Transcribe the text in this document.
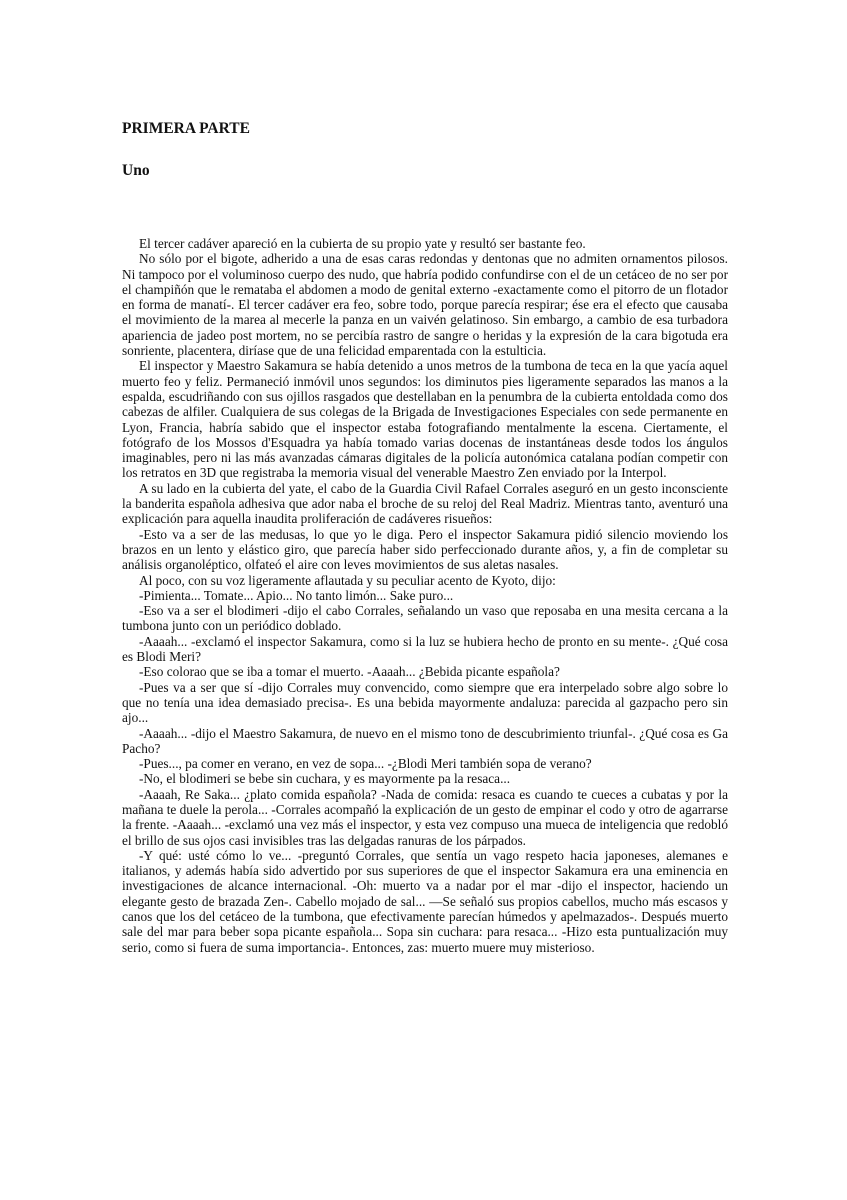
PRIMERA PARTE
Uno

El tercer cadáver apareció en la cubierta de su propio yate y resultó ser bastante feo.

No sólo por el bigote, adherido a una de esas caras redondas y dentonas que no admiten ornamentos pilosos. Ni tampoco por el voluminoso cuerpo des nudo, que habría podido confundirse con el de un cetáceo de no ser por el champiñón que le remataba el abdomen a modo de genital externo -exactamente como el pitorro de un flotador en forma de manatí-. El tercer cadáver era feo, sobre todo, porque parecía respirar; ése era el efecto que causaba el movimiento de la marea al mecerle la panza en un vaivén gelatinoso. Sin embargo, a cambio de esa turbadora apariencia de jadeo post mortem, no se percibía rastro de sangre o heridas y la expresión de la cara bigotuda era sonriente, placentera, diríase que de una felicidad emparentada con la estulticia.

El inspector y Maestro Sakamura se había detenido a unos metros de la tumbona de teca en la que yacía aquel muerto feo y feliz. Permaneció inmóvil unos segundos: los diminutos pies ligeramente separados las manos a la espalda, escudriñando con sus ojillos rasgados que destellaban en la penumbra de la cubierta entoldada como dos cabezas de alfiler. Cualquiera de sus colegas de la Brigada de Investigaciones Especiales con sede permanente en Lyon, Francia, habría sabido que el inspector estaba fotografiando mentalmente la escena. Ciertamente, el fotógrafo de los Mossos d'Esquadra ya había tomado varias docenas de instantáneas desde todos los ángulos imaginables, pero ni las más avanzadas cámaras digitales de la policía autonómica catalana podían competir con los retratos en 3D que registraba la memoria visual del venerable Maestro Zen enviado por la Interpol.

A su lado en la cubierta del yate, el cabo de la Guardia Civil Rafael Corrales aseguró en un gesto inconsciente la banderita española adhesiva que ador naba el broche de su reloj del Real Madriz. Mientras tanto, aventuró una explicación para aquella inaudita proliferación de cadáveres risueños:

-Esto va a ser de las medusas, lo que yo le diga. Pero el inspector Sakamura pidió silencio moviendo los brazos en un lento y elástico giro, que parecía haber sido perfeccionado durante años, y, a fin de completar su análisis organoléptico, olfateó el aire con leves movimientos de sus aletas nasales.

Al poco, con su voz ligeramente aflautada y su peculiar acento de Kyoto, dijo:

-Pimienta... Tomate... Apio... No tanto limón... Sake puro...

-Eso va a ser el blodimeri -dijo el cabo Corrales, señalando un vaso que reposaba en una mesita cercana a la tumbona junto con un periódico doblado.

-Aaaah... -exclamó el inspector Sakamura, como si la luz se hubiera hecho de pronto en su mente-. ¿Qué cosa es Blodi Meri?

-Eso colorao que se iba a tomar el muerto. -Aaaah... ¿Bebida picante española?

-Pues va a ser que sí -dijo Corrales muy convencido, como siempre que era interpelado sobre algo sobre lo que no tenía una idea demasiado precisa-. Es una bebida mayormente andaluza: parecida al gazpacho pero sin ajo...

-Aaaah... -dijo el Maestro Sakamura, de nuevo en el mismo tono de descubrimiento triunfal-. ¿Qué cosa es Ga Pacho?

-Pues..., pa comer en verano, en vez de sopa... -¿Blodi Meri también sopa de verano?

-No, el blodimeri se bebe sin cuchara, y es mayormente pa la resaca...

-Aaaah, Re Saka... ¿plato comida española? -Nada de comida: resaca es cuando te cueces a cubatas y por la mañana te duele la perola... -Corrales acompañó la explicación de un gesto de empinar el codo y otro de agarrarse la frente. -Aaaah... -exclamó una vez más el inspector, y esta vez compuso una mueca de inteligencia que redobló el brillo de sus ojos casi invisibles tras las delgadas ranuras de los párpados.

-Y qué: usté cómo lo ve... -preguntó Corrales, que sentía un vago respeto hacia japoneses, alemanes e italianos, y además había sido advertido por sus superiores de que el inspector Sakamura era una eminencia en investigaciones de alcance internacional. -Oh: muerto va a nadar por el mar -dijo el inspector, haciendo un elegante gesto de brazada Zen-. Cabello mojado de sal... —Se señaló sus propios cabellos, mucho más escasos y canos que los del cetáceo de la tumbona, que efectivamente parecían húmedos y apelmazados-. Después muerto sale del mar para beber sopa picante española... Sopa sin cuchara: para resaca... -Hizo esta puntualización muy serio, como si fuera de suma importancia-. Entonces, zas: muerto muere muy misterioso.
